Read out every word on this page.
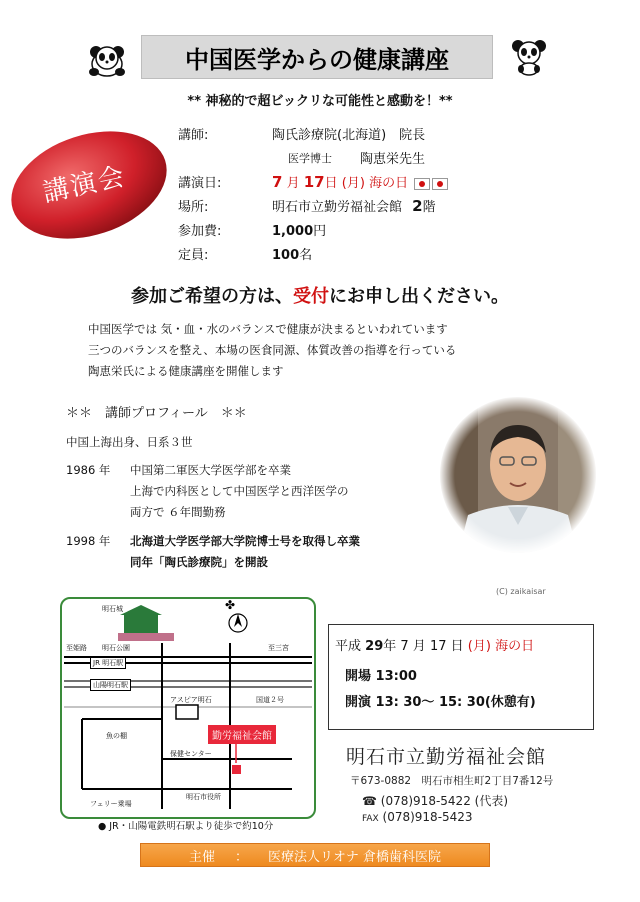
中国医学からの健康講座
** 神秘的で超ビックリな可能性と感動を！**
講演会
講師:	陶氏診療院(北海道)　院長
医学博士 陶恵栄先生
講演日:	7 月 17日 (月) 海の日
場所:	明石市立勤労福祉会館 2階
参加費:	1,000円
定員:	100名
参加ご希望の方は、受付にお申し出ください。
中国医学では 気・血・水のバランスで健康が決まるといわれています
三つのバランスを整え、本場の医食同源、体質改善の指導を行っている
陶恵栄氏による健康講座を開催します
＊＊　講師プロフィール　＊＊
中国上海出身、日系３世
1986 年 中国第二軍医大学医学部を卒業
上海で内科医として中国医学と西洋医学の
両方で ６年間勤務
1998 年 北海道大学医学部大学院博士号を取得し卒業
同年「陶氏診療院」を開設
(C) zaikaisar
✤
明石城
明石公園
至姫路	至三宮
JR 明石駅
山陽明石駅
アスピア明石	国道２号
魚の棚
保健センター
勤労福祉会館
明石市役所
フェリー乗場
● JR・山陽電鉄明石駅より徒歩で約10分
平成 29年 7 月 17 日 (月) 海の日
開場 13:00
開演 13: 30〜 15: 30(休憩有)
明石市立勤労福祉会館
〒673-0882　明石市相生町2丁目7番12号
☎ (078)918-5422 (代表)
FAX (078)918-5423
主催 ： 医療法人リオナ 倉橋歯科医院
